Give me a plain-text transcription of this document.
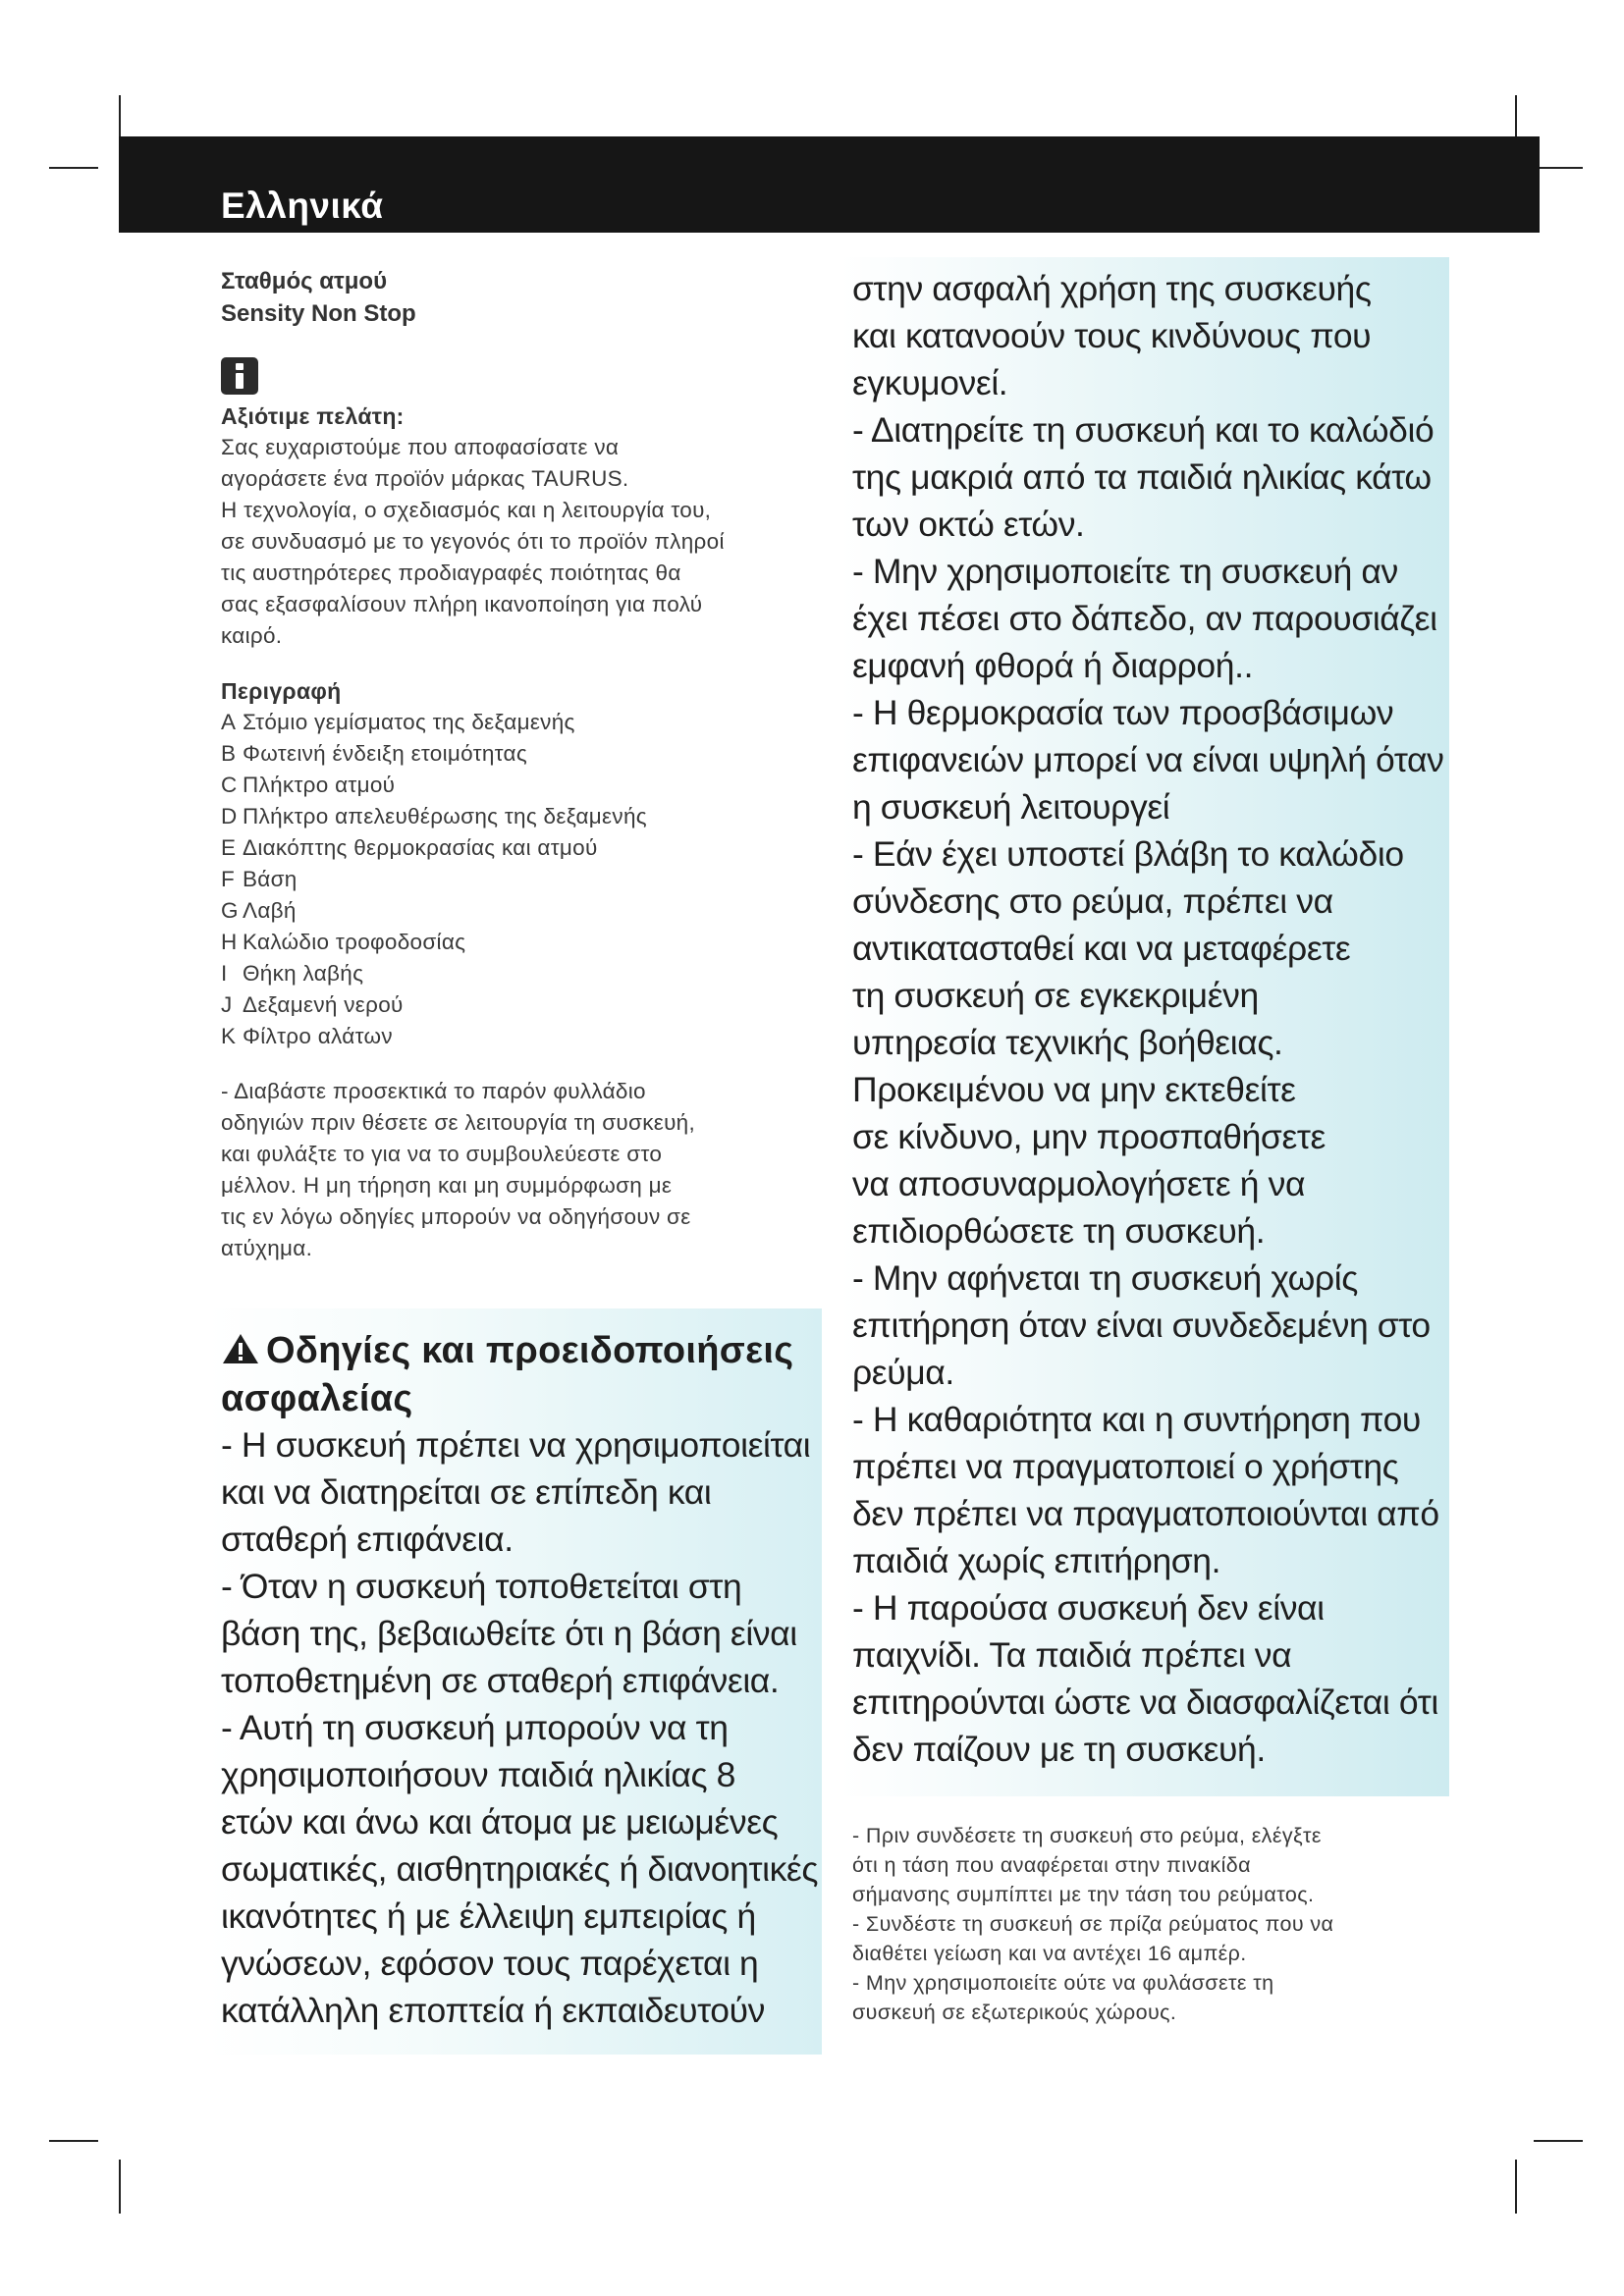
Ελληνικά
Σταθμός ατμού
Sensity Non Stop
Αξιότιμε πελάτη:
Σας ευχαριστούμε που αποφασίσατε να
αγοράσετε ένα προϊόν μάρκας TAURUS.
Η τεχνολογία, ο σχεδιασμός και η λειτουργία του,
σε συνδυασμό με το γεγονός ότι το προϊόν πληροί
τις αυστηρότερες προδιαγραφές ποιότητας θα
σας εξασφαλίσουν πλήρη ικανοποίηση για πολύ
καιρό.
Περιγραφή
A Στόμιο γεμίσματος της δεξαμενής
B Φωτεινή ένδειξη ετοιμότητας
C Πλήκτρο ατμού
D Πλήκτρο απελευθέρωσης της δεξαμενής
E Διακόπτης θερμοκρασίας και ατμού
F Βάση
G Λαβή
H Καλώδιο τροφοδοσίας
I Θήκη λαβής
J Δεξαμενή νερού
K Φίλτρο αλάτων
- Διαβάστε προσεκτικά το παρόν φυλλάδιο
οδηγιών πριν θέσετε σε λειτουργία τη συσκευή,
και φυλάξτε το για να το συμβουλεύεστε στο
μέλλον. Η μη τήρηση και μη συμμόρφωση με
τις εν λόγω οδηγίες μπορούν να οδηγήσουν σε
ατύχημα.
Οδηγίες και προειδοποιήσεις
ασφαλείας
- Η συσκευή πρέπει να χρησιμοποιείται
και να διατηρείται σε επίπεδη και
σταθερή επιφάνεια.
- Όταν η συσκευή τοποθετείται στη
βάση της, βεβαιωθείτε ότι η βάση είναι
τοποθετημένη σε σταθερή επιφάνεια.
- Αυτή τη συσκευή μπορούν να τη
χρησιμοποιήσουν παιδιά ηλικίας 8
ετών και άνω και άτομα με μειωμένες
σωματικές, αισθητηριακές ή διανοητικές
ικανότητες ή με έλλειψη εμπειρίας ή
γνώσεων, εφόσον τους παρέχεται η
κατάλληλη εποπτεία ή εκπαιδευτούν
στην ασφαλή χρήση της συσκευής
και κατανοούν τους κινδύνους που
εγκυμονεί.
- Διατηρείτε τη συσκευή και το καλώδιό
της μακριά από τα παιδιά ηλικίας κάτω
των οκτώ ετών.
- Μην χρησιμοποιείτε τη συσκευή αν
έχει πέσει στο δάπεδο, αν παρουσιάζει
εμφανή φθορά ή διαρροή..
- Η θερμοκρασία των προσβάσιμων
επιφανειών μπορεί να είναι υψηλή όταν
η συσκευή λειτουργεί
- Εάν έχει υποστεί βλάβη το καλώδιο
σύνδεσης στο ρεύμα, πρέπει να
αντικατασταθεί και να μεταφέρετε
τη συσκευή σε εγκεκριμένη
υπηρεσία τεχνικής βοήθειας.
Προκειμένου να μην εκτεθείτε
σε κίνδυνο, μην προσπαθήσετε
να αποσυναρμολογήσετε ή να
επιδιορθώσετε τη συσκευή.
- Μην αφήνεται τη συσκευή χωρίς
επιτήρηση όταν είναι συνδεδεμένη στο
ρεύμα.
- Η καθαριότητα και η συντήρηση που
πρέπει να πραγματοποιεί ο χρήστης
δεν πρέπει να πραγματοποιούνται από
παιδιά χωρίς επιτήρηση.
- Η παρούσα συσκευή δεν είναι
παιχνίδι. Τα παιδιά πρέπει να
επιτηρούνται ώστε να διασφαλίζεται ότι
δεν παίζουν με τη συσκευή.
- Πριν συνδέσετε τη συσκευή στο ρεύμα, ελέγξτε
ότι η τάση που αναφέρεται στην πινακίδα
σήμανσης συμπίπτει με την τάση του ρεύματος.
- Συνδέστε τη συσκευή σε πρίζα ρεύματος που να
διαθέτει γείωση και να αντέχει 16 αμπέρ.
- Μην χρησιμοποιείτε ούτε να φυλάσσετε τη
συσκευή σε εξωτερικούς χώρους.
